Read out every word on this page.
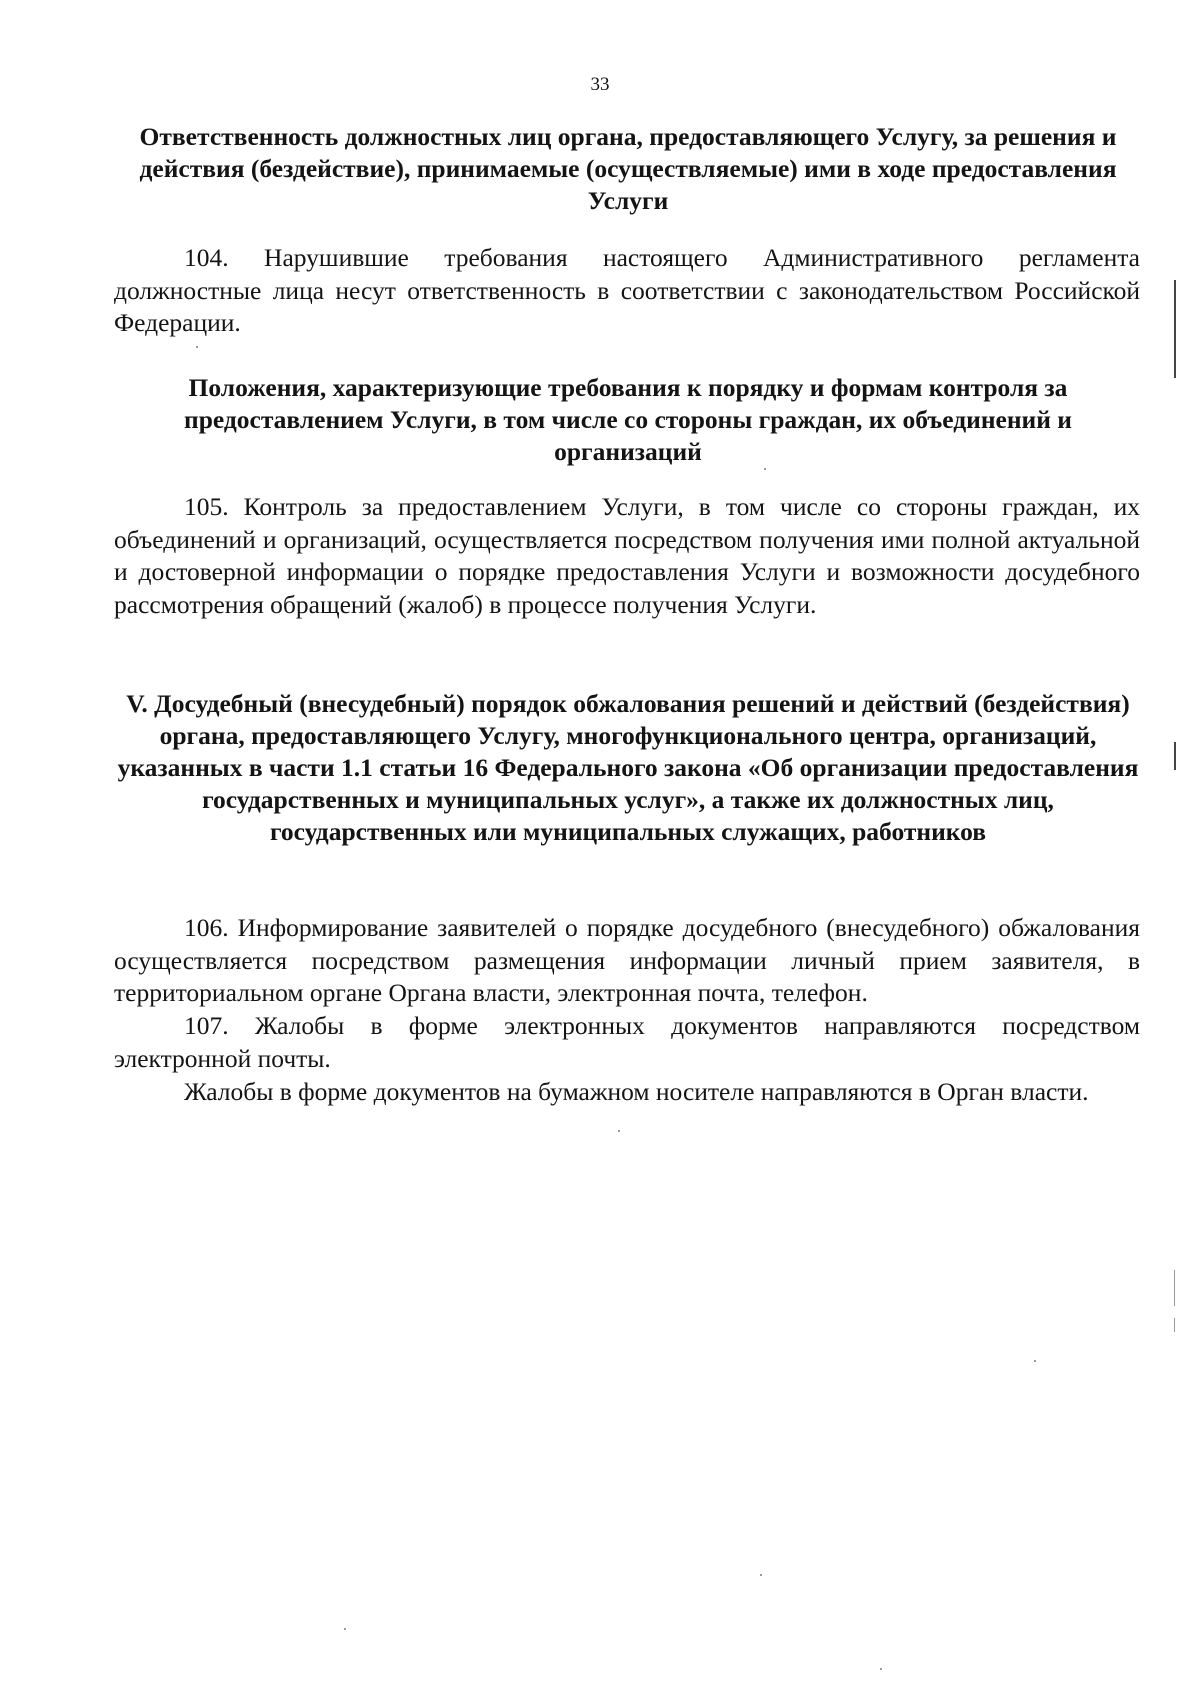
33
Ответственность должностных лиц органа, предоставляющего Услугу, за решения и действия (бездействие), принимаемые (осуществляемые) ими в ходе предоставления Услуги
104. Нарушившие требования настоящего Административного регламента должностные лица несут ответственность в соответствии с законодательством Российской Федерации.
Положения, характеризующие требования к порядку и формам контроля за предоставлением Услуги, в том числе со стороны граждан, их объединений и организаций
105. Контроль за предоставлением Услуги, в том числе со стороны граждан, их объединений и организаций, осуществляется посредством получения ими полной актуальной и достоверной информации о порядке предоставления Услуги и возможности досудебного рассмотрения обращений (жалоб) в процессе получения Услуги.
V. Досудебный (внесудебный) порядок обжалования решений и действий (бездействия) органа, предоставляющего Услугу, многофункционального центра, организаций, указанных в части 1.1 статьи 16 Федерального закона «Об организации предоставления государственных и муниципальных услуг», а также их должностных лиц, государственных или муниципальных служащих, работников
106. Информирование заявителей о порядке досудебного (внесудебного) обжалования осуществляется посредством размещения информации личный прием заявителя, в территориальном органе Органа власти, электронная почта, телефон.
107. Жалобы в форме электронных документов направляются посредством электронной почты.
Жалобы в форме документов на бумажном носителе направляются в Орган власти.
